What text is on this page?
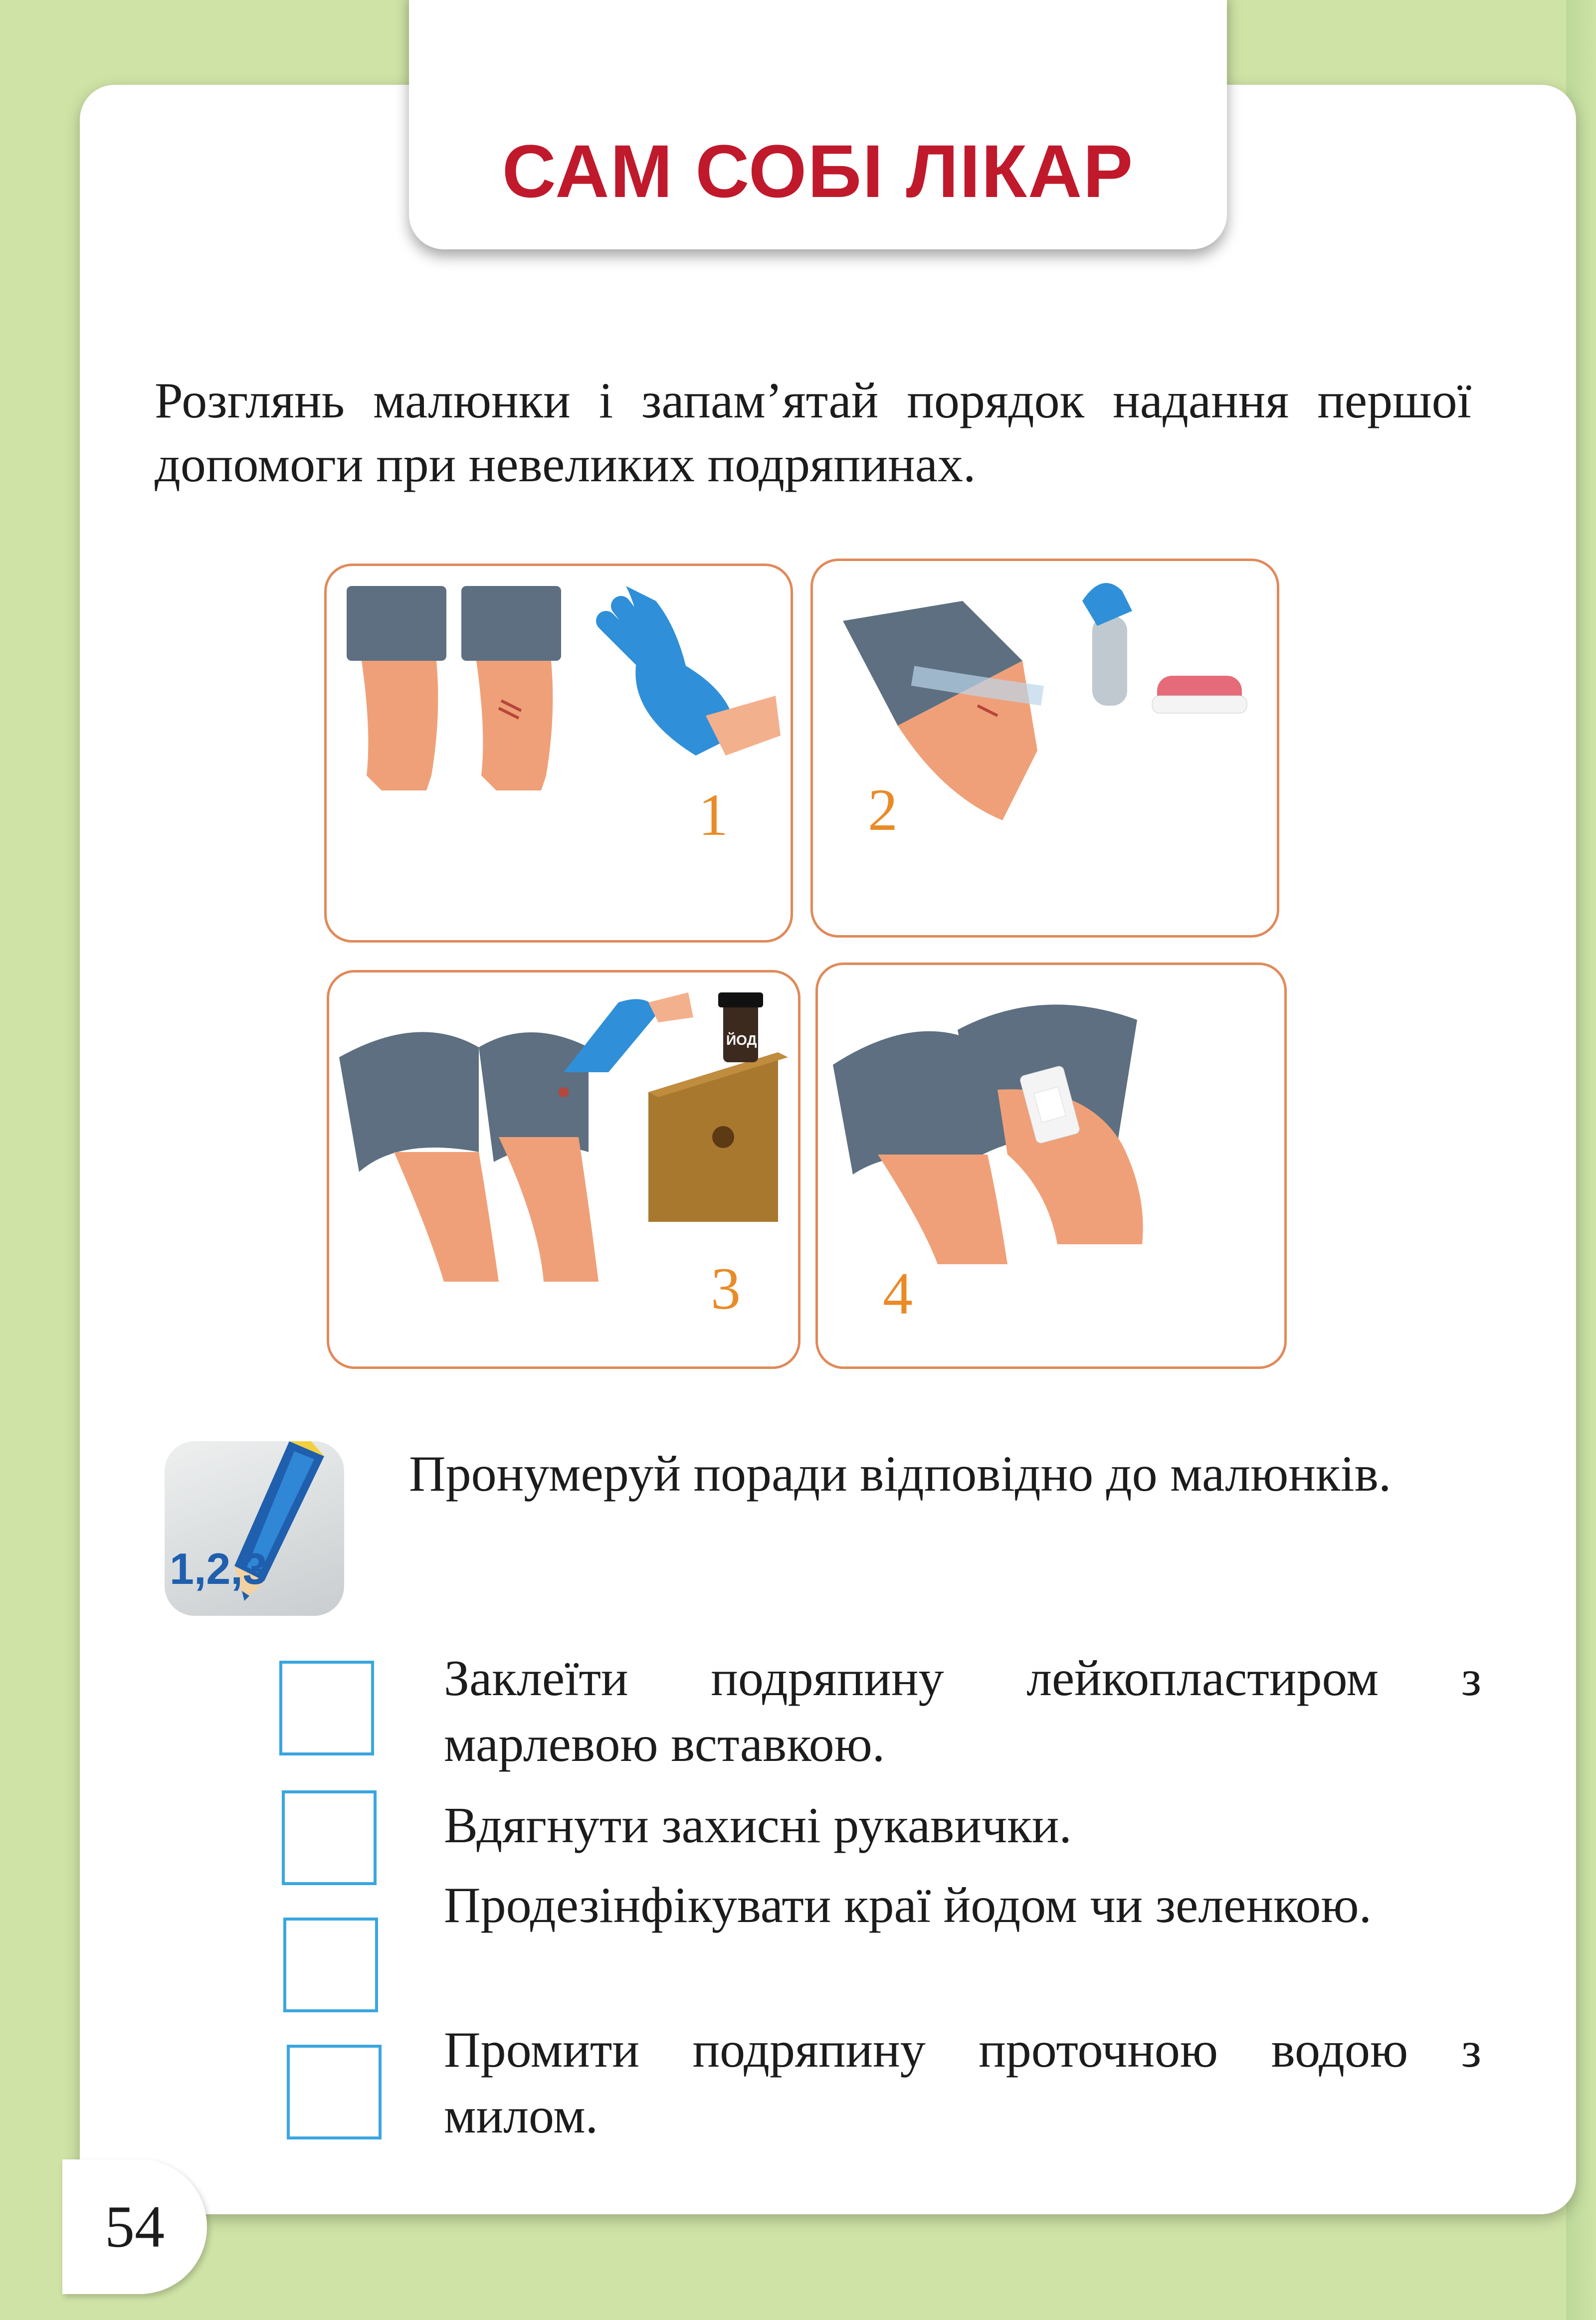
САМ СОБІ ЛІКАР
Розглянь малюнки і запам’ятай порядок надання першої допомоги при невеликих подряпинах.
1 2
ЙОД
3 4
1,2,3
Пронумеруй поради відповідно до малюнків.
Заклеїти подряпину лейкопластиром з марлевою вставкою.
Вдягнути захисні рукавички.
Продезінфікувати краї йодом чи зеленкою.
Промити подряпину проточною водою з милом.
54
